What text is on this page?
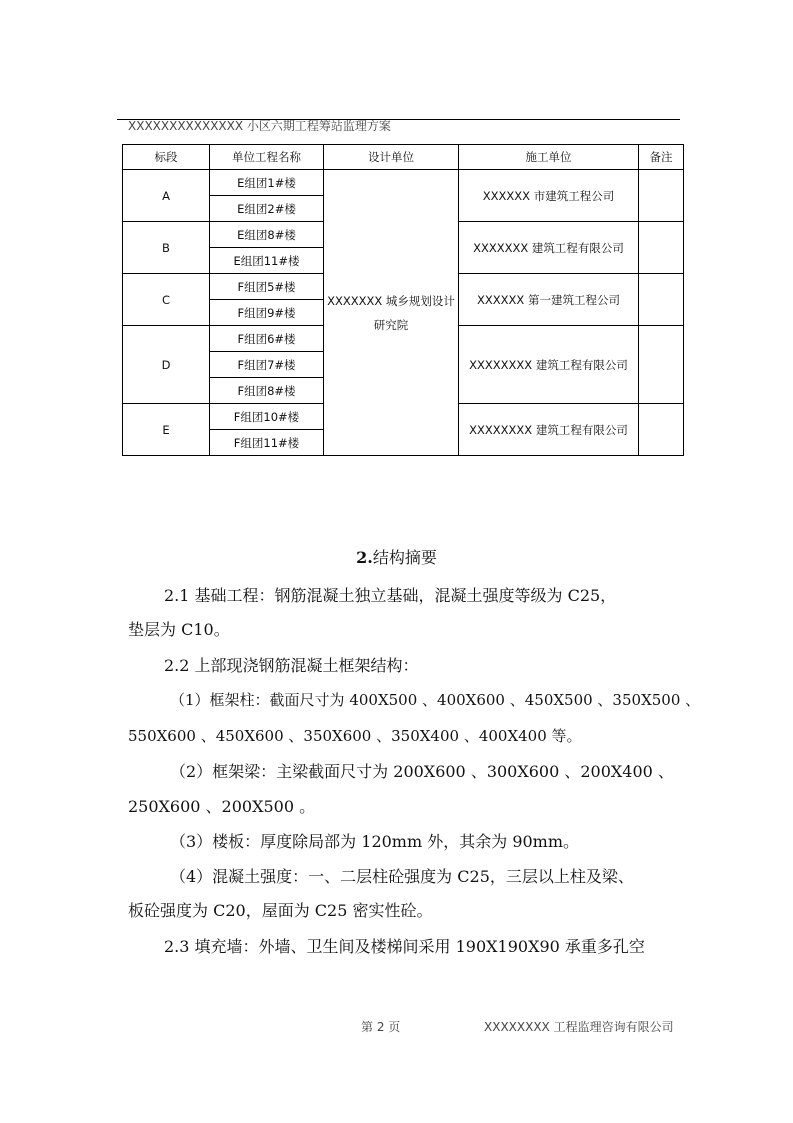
XXXXXXXXXXXXXX 小区六期工程筹站监理方案
标段	单位工程名称	设计单位	施工单位	备注
A	E组团1#楼	XXXXXXX 城乡规划设计研究院	XXXXXX 市建筑工程公司	
	E组团2#楼			
B	E组团8#楼		XXXXXXX 建筑工程有限公司	
	E组团11#楼			
C	F组团5#楼		XXXXXX 第一建筑工程公司	
	F组团9#楼			
D	F组团6#楼		XXXXXXXX 建筑工程有限公司	
	F组团7#楼			
	F组团8#楼			
E	F组团10#楼		XXXXXXXX 建筑工程有限公司	
	F组团11#楼			
2.结构摘要
2.1 基础工程：钢筋混凝土独立基础，混凝土强度等级为 C25，
垫层为 C10。
2.2 上部现浇钢筋混凝土框架结构：
（1）框架柱：截面尺寸为 400X500 、400X600 、450X500 、350X500 、
550X600 、450X600 、350X600 、350X400 、400X400 等。
（2）框架梁：主梁截面尺寸为 200X600 、300X600 、200X400 、
250X600 、200X500 。
（3）楼板：厚度除局部为 120mm 外，其余为 90mm。
（4）混凝土强度：一、二层柱砼强度为 C25，三层以上柱及梁、
板砼强度为 C20，屋面为 C25 密实性砼。
2.3 填充墙：外墙、卫生间及楼梯间采用 190X190X90 承重多孔空
第 2 页	XXXXXXXX 工程监理咨询有限公司
